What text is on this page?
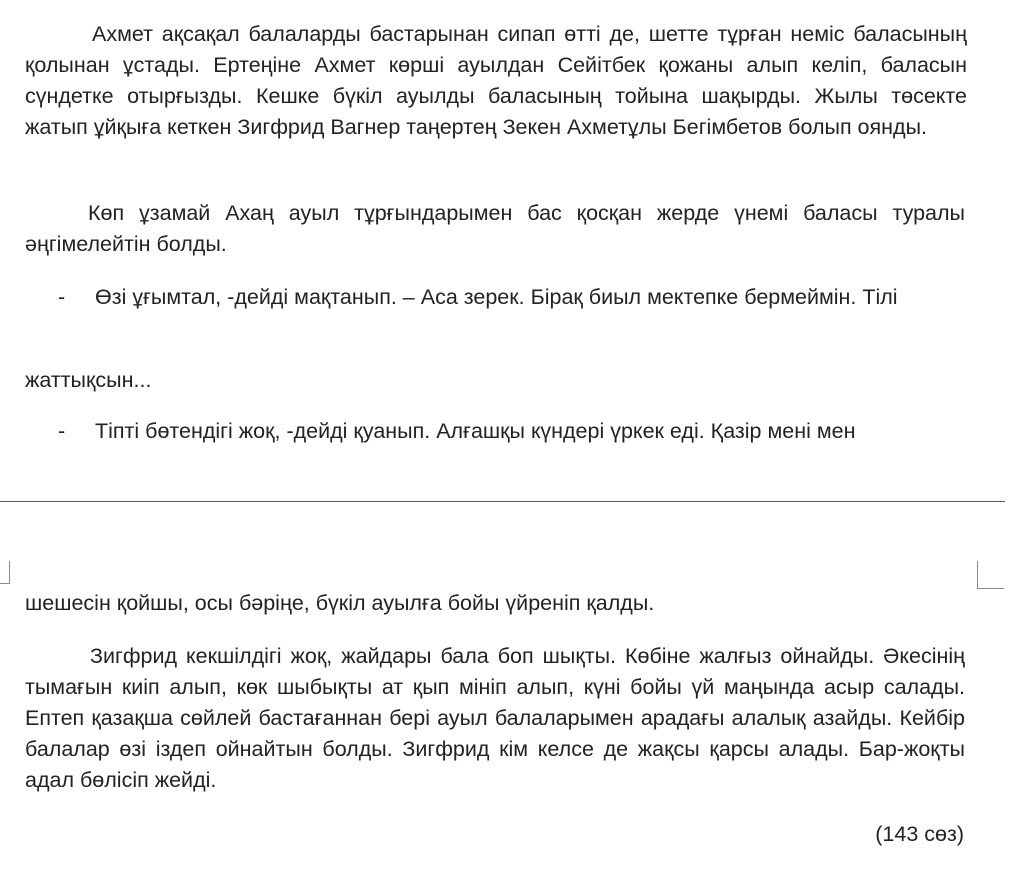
Ахмет ақсақал балаларды бастарынан сипап өтті де, шетте тұрған неміс баласының қолынан ұстады. Ертеңіне Ахмет көрші ауылдан Сейітбек қожаны алып келіп, баласын сүндетке отырғызды. Кешке бүкіл ауылды баласының тойына шақырды. Жылы төсекте жатып ұйқыға кеткен Зигфрид Вагнер таңертең Зекен Ахметұлы Бегімбетов болып оянды.

Көп ұзамай Ахаң ауыл тұрғындарымен бас қосқан жерде үнемі баласы туралы әңгімелейтін болды.

- Өзі ұғымтал, -дейді мақтанып. – Аса зерек. Бірақ биыл мектепке бермеймін. Тілі

жаттықсын...

- Тіпті бөтендігі жоқ, -дейді қуанып. Алғашқы күндері үркек еді. Қазір мені мен

шешесін қойшы, осы бәріңе, бүкіл ауылға бойы үйреніп қалды.

Зигфрид кекшілдігі жоқ, жайдары бала боп шықты. Көбіне жалғыз ойнайды. Әкесінің тымағын киіп алып, көк шыбықты ат қып мініп алып, күні бойы үй маңында асыр салады. Ептеп қазақша сөйлей бастағаннан бері ауыл балаларымен арадағы алалық азайды. Кейбір балалар өзі іздеп ойнайтын болды. Зигфрид кім келсе де жақсы қарсы алады. Бар-жоқты адал бөлісіп жейді.

(143 сөз)
